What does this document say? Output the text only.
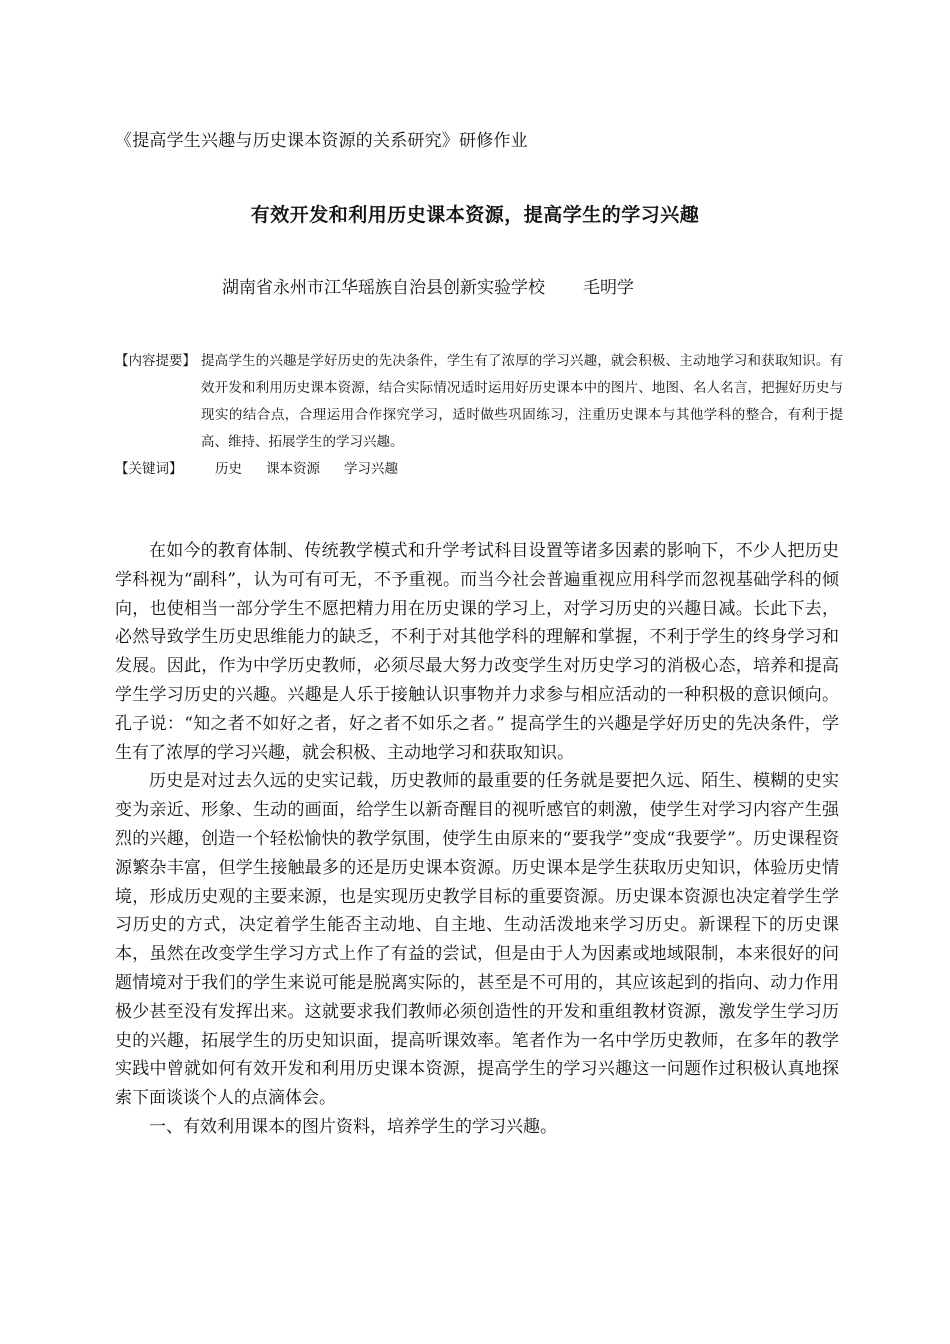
《提高学生兴趣与历史课本资源的关系研究》研修作业
有效开发和利用历史课本资源，提高学生的学习兴趣
湖南省永州市江华瑶族自治县创新实验学校 毛明学
【内容提要】 提高学生的兴趣是学好历史的先决条件，学生有了浓厚的学习兴趣，就会积极、主动地学习和获取知识。有效开发和利用历史课本资源，结合实际情况适时运用好历史课本中的图片、地图、名人名言，把握好历史与现实的结合点，合理运用合作探究学习，适时做些巩固练习，注重历史课本与其他学科的整合，有利于提高、维持、拓展学生的学习兴趣。
【关键词】	历史 课本资源 学习兴趣

在如今的教育体制、传统教学模式和升学考试科目设置等诸多因素的影响下，不少人把历史学科视为“副科”，认为可有可无，不予重视。而当今社会普遍重视应用科学而忽视基础学科的倾向，也使相当一部分学生不愿把精力用在历史课的学习上，对学习历史的兴趣日减。长此下去，必然导致学生历史思维能力的缺乏，不利于对其他学科的理解和掌握，不利于学生的终身学习和发展。因此，作为中学历史教师，必须尽最大努力改变学生对历史学习的消极心态，培养和提高学生学习历史的兴趣。兴趣是人乐于接触认识事物并力求参与相应活动的一种积极的意识倾向。孔子说：“知之者不如好之者，好之者不如乐之者。” 提高学生的兴趣是学好历史的先决条件，学生有了浓厚的学习兴趣，就会积极、主动地学习和获取知识。

历史是对过去久远的史实记载，历史教师的最重要的任务就是要把久远、陌生、模糊的史实变为亲近、形象、生动的画面，给学生以新奇醒目的视听感官的刺激，使学生对学习内容产生强烈的兴趣，创造一个轻松愉快的教学氛围，使学生由原来的“要我学”变成“我要学”。历史课程资源繁杂丰富，但学生接触最多的还是历史课本资源。历史课本是学生获取历史知识，体验历史情境，形成历史观的主要来源，也是实现历史教学目标的重要资源。历史课本资源也决定着学生学习历史的方式，决定着学生能否主动地、自主地、生动活泼地来学习历史。新课程下的历史课本，虽然在改变学生学习方式上作了有益的尝试，但是由于人为因素或地域限制，本来很好的问题情境对于我们的学生来说可能是脱离实际的，甚至是不可用的，其应该起到的指向、动力作用极少甚至没有发挥出来。这就要求我们教师必须创造性的开发和重组教材资源，激发学生学习历史的兴趣，拓展学生的历史知识面，提高听课效率。笔者作为一名中学历史教师，在多年的教学实践中曾就如何有效开发和利用历史课本资源，提高学生的学习兴趣这一问题作过积极认真地探索下面谈谈个人的点滴体会。

一、有效利用课本的图片资料，培养学生的学习兴趣。
